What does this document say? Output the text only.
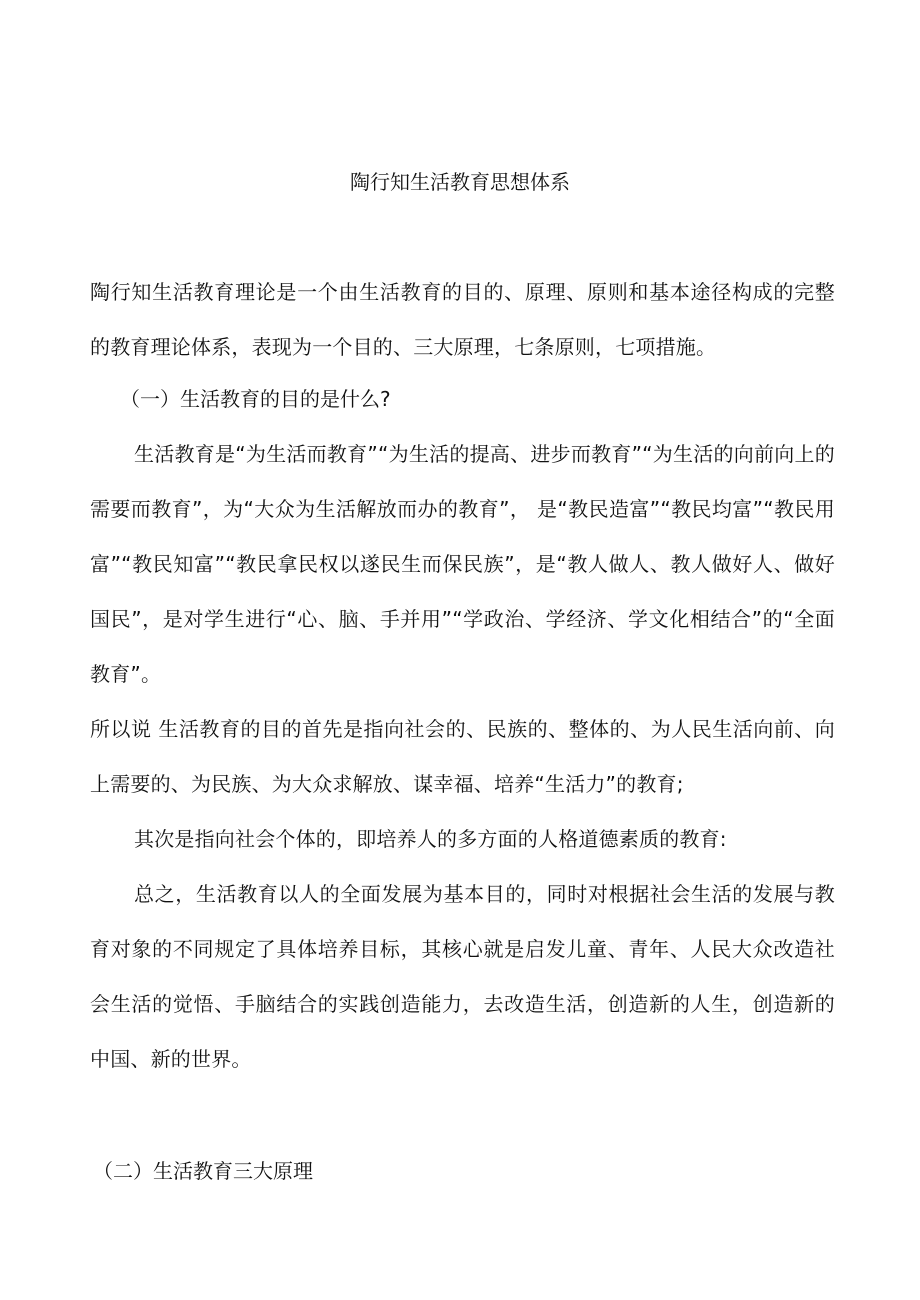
陶行知生活教育思想体系

陶行知生活教育理论是一个由生活教育的目的、原理、原则和基本途径构成的完整的教育理论体系，表现为一个目的、三大原理，七条原则，七项措施。

（一）生活教育的目的是什么?

生活教育是“为生活而教育”“为生活的提高、进步而教育”“为生活的向前向上的需要而教育”，为“大众为生活解放而办的教育”， 是“教民造富”“教民均富”“教民用富”“教民知富”“教民拿民权以遂民生而保民族”，是“教人做人、教人做好人、做好国民”，是对学生进行“心、脑、手并用”“学政治、学经济、学文化相结合”的“全面教育”。

所以说 生活教育的目的首先是指向社会的、民族的、整体的、为人民生活向前、向上需要的、为民族、为大众求解放、谋幸福、培养“生活力”的教育;

其次是指向社会个体的，即培养人的多方面的人格道德素质的教育:

总之，生活教育以人的全面发展为基本目的，同时对根据社会生活的发展与教育对象的不同规定了具体培养目标，其核心就是启发儿童、青年、人民大众改造社会生活的觉悟、手脑结合的实践创造能力，去改造生活，创造新的人生，创造新的中国、新的世界。

（二）生活教育三大原理
